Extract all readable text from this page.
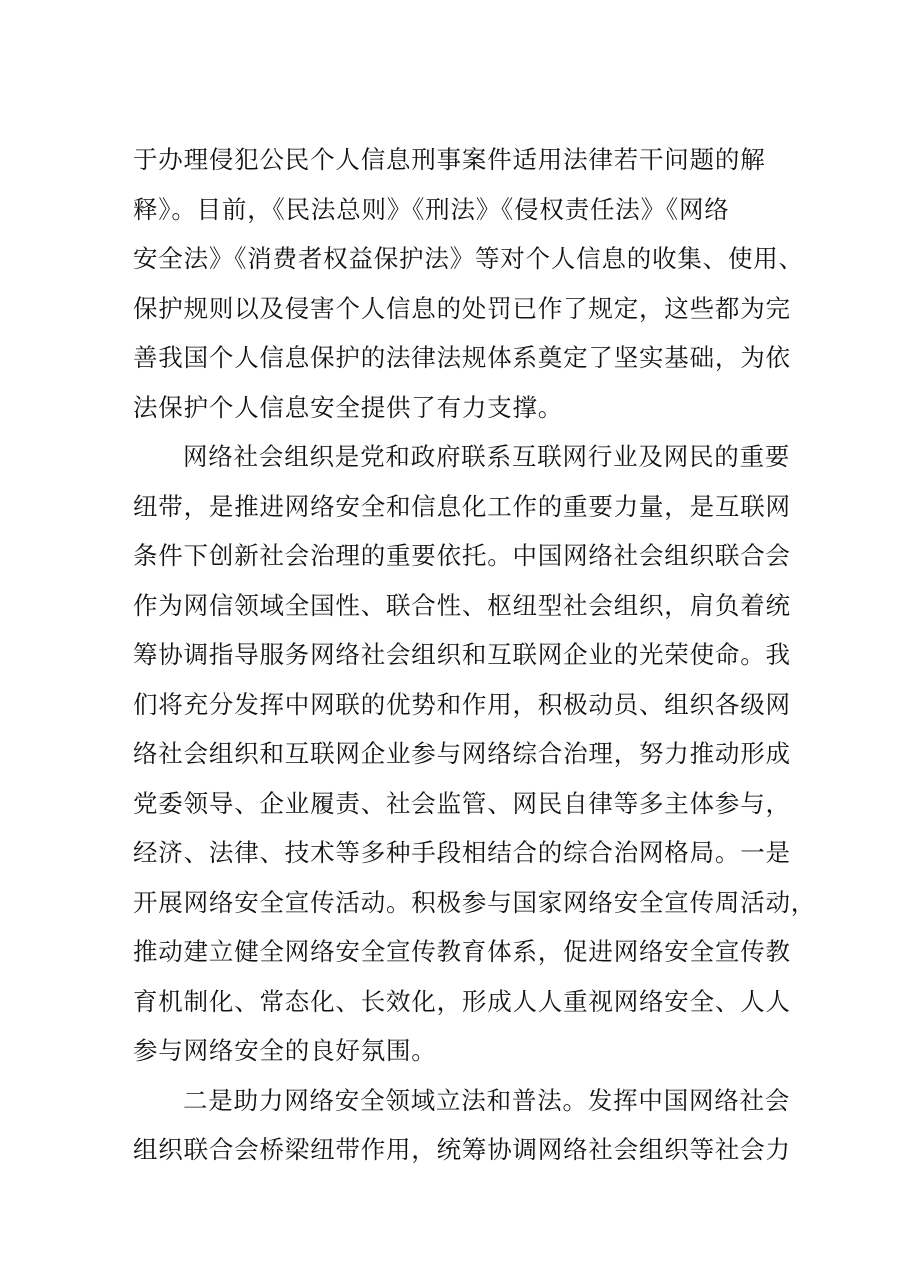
于办理侵犯公民个人信息刑事案件适用法律若干问题的解
释》。目前，《民法总则》《刑法》《侵权责任法》《网络
安全法》《消费者权益保护法》等对个人信息的收集、使用、
保护规则以及侵害个人信息的处罚已作了规定，这些都为完
善我国个人信息保护的法律法规体系奠定了坚实基础，为依
法保护个人信息安全提供了有力支撑。
网络社会组织是党和政府联系互联网行业及网民的重要
纽带，是推进网络安全和信息化工作的重要力量，是互联网
条件下创新社会治理的重要依托。中国网络社会组织联合会
作为网信领域全国性、联合性、枢纽型社会组织，肩负着统
筹协调指导服务网络社会组织和互联网企业的光荣使命。我
们将充分发挥中网联的优势和作用，积极动员、组织各级网
络社会组织和互联网企业参与网络综合治理，努力推动形成
党委领导、企业履责、社会监管、网民自律等多主体参与，
经济、法律、技术等多种手段相结合的综合治网格局。一是
开展网络安全宣传活动。积极参与国家网络安全宣传周活动，
推动建立健全网络安全宣传教育体系，促进网络安全宣传教
育机制化、常态化、长效化，形成人人重视网络安全、人人
参与网络安全的良好氛围。
二是助力网络安全领域立法和普法。发挥中国网络社会
组织联合会桥梁纽带作用，统筹协调网络社会组织等社会力
